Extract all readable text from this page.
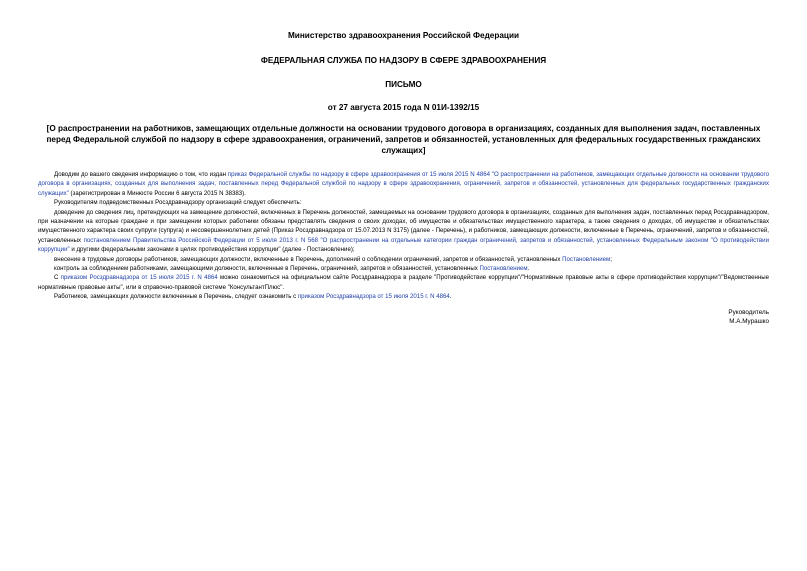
Министерство здравоохранения Российской Федерации

ФЕДЕРАЛЬНАЯ СЛУЖБА ПО НАДЗОРУ В СФЕРЕ ЗДРАВООХРАНЕНИЯ

ПИСЬМО

от 27 августа 2015 года N 01И-1392/15

[О распространении на работников, замещающих отдельные должности на основании трудового договора в организациях, созданных для выполнения задач, поставленных перед Федеральной службой по надзору в сфере здравоохранения, ограничений, запретов и обязанностей, установленных для федеральных государственных гражданских служащих]

Доводим до вашего сведения информацию о том, что издан приказ Федеральной службы по надзору в сфере здравоохранения от 15 июля 2015 N 4864 "О распространении на работников, замещающих отдельные должности на основании трудового договора в организациях, созданных для выполнения задач, поставленных перед Федеральной службой по надзору в сфере здравоохранения, ограничений, запретов и обязанностей, установленных для федеральных государственных гражданских служащих" (зарегистрирован в Минюсте России 6 августа 2015 N 38383).

Руководителям подведомственных Росздравнадзору организаций следует обеспечить:

доведение до сведения лиц, претендующих на замещение должностей, включенных в Перечень должностей, замещаемых на основании трудового договора в организациях, созданных для выполнения задач, поставленных перед Росздравнадзором, при назначении на которые граждане и при замещении которых работники обязаны представлять сведения о своих доходах, об имуществе и обязательствах имущественного характера, а также сведения о доходах, об имуществе и обязательствах имущественного характера своих супруги (супруга) и несовершеннолетних детей (Приказ Росздравнадзора от 15.07.2013 N 3175) (далее - Перечень), и работников, замещающих должности, включенные в Перечень, ограничений, запретов и обязанностей, установленных постановлением Правительства Российской Федерации от 5 июля 2013 г. N 568 "О распространении на отдельные категории граждан ограничений, запретов и обязанностей, установленных Федеральным законом "О противодействии коррупции" и другими федеральными законами в целях противодействия коррупции" (далее - Постановление);

внесение в трудовые договоры работников, замещающих должности, включенные в Перечень, дополнений о соблюдении ограничений, запретов и обязанностей, установленных Постановлением;

контроль за соблюдением работниками, замещающими должности, включенные в Перечень, ограничений, запретов и обязанностей, установленных Постановлением.

С приказом Росздравнадзора от 15 июля 2015 г. N 4864 можно ознакомиться на официальном сайте Росздравнадзора в разделе "Противодействие коррупции"/"Нормативные правовые акты в сфере противодействия коррупции"/"Ведомственные нормативные правовые акты", или в справочно-правовой системе "КонсультантПлюс".

Работников, замещающих должности включенные в Перечень, следует ознакомить с приказом Росздравнадзора от 15 июля 2015 г. N 4864.

Руководитель
М.А.Мурашко
